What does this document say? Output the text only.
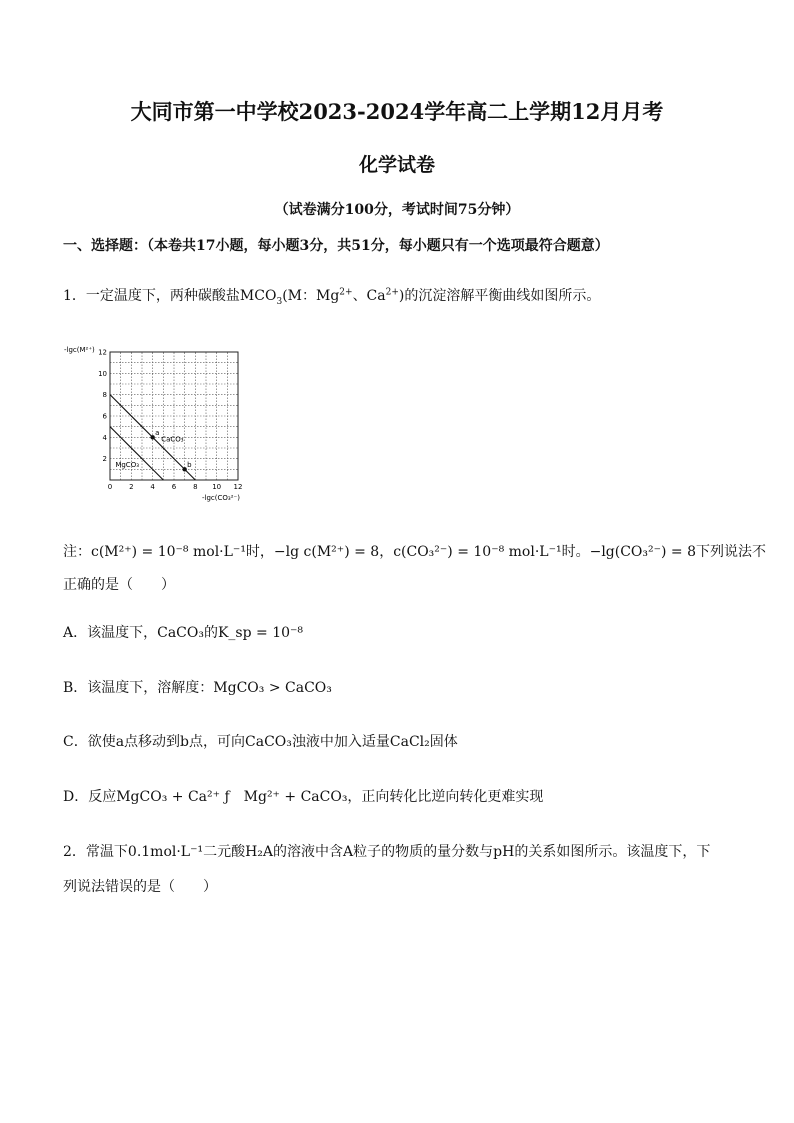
大同市第一中学校2023-2024学年高二上学期12月月考
化学试卷
（试卷满分100分，考试时间75分钟）
一、选择题：（本卷共17小题，每小题3分，共51分，每小题只有一个选项最符合题意）
1．一定温度下，两种碳酸盐$MCO_3(M$：$Mg^{2+}$、$Ca^{2+}$)的沉淀溶解平衡曲线如图所示。
-lgc(M²⁺)
-lgc(CO₃²⁻)
0 2 4 6 8 10 12
2
4
6
8
10
12
CaCO₃
MgCO₃
a
b
注：c(M²⁺) = 10⁻⁸ mol·L⁻¹时，−lg c(M²⁺) = 8，c(CO₃²⁻) = 10⁻⁸ mol·L⁻¹时。−lg(CO₃²⁻) = 8下列说法不
正确的是（　　）
A．该温度下，CaCO₃的K_sp = 10⁻⁸
B．该温度下，溶解度：MgCO₃ > CaCO₃
C．欲使a点移动到b点，可向CaCO₃浊液中加入适量CaCl₂固体
D．反应MgCO₃ + Ca²⁺ ƒ　Mg²⁺ + CaCO₃，正向转化比逆向转化更难实现
2．常温下0.1mol·L⁻¹二元酸H₂A的溶液中含A粒子的物质的量分数与pH的关系如图所示。该温度下，下
列说法错误的是（　　）
